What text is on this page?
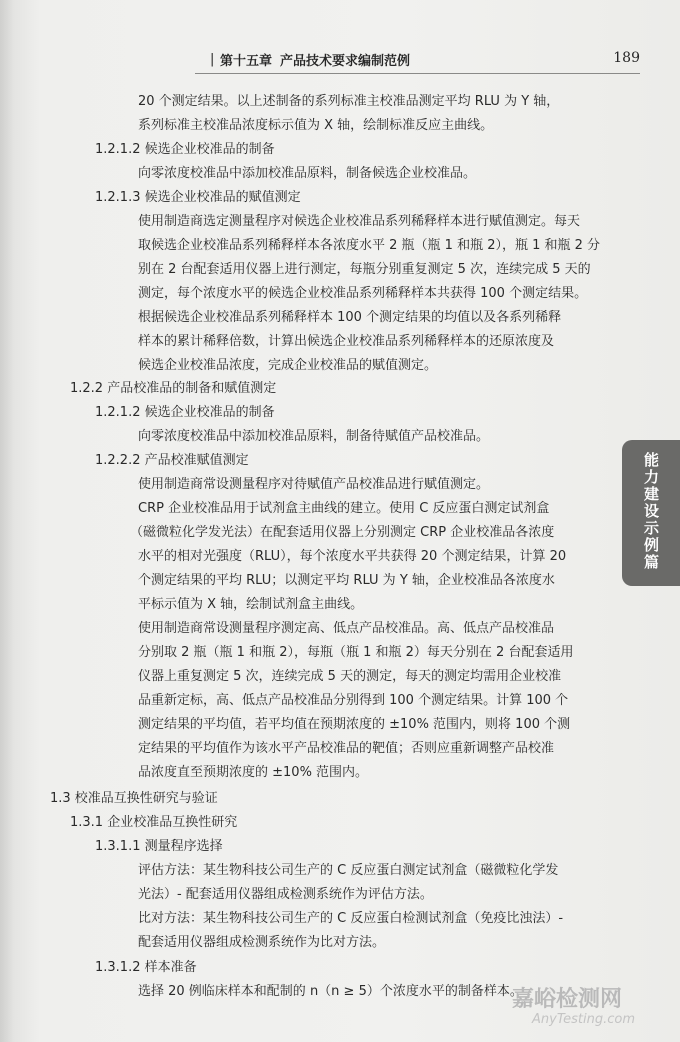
| 第十五章 产品技术要求编制范例	189
20 个测定结果。以上述制备的系列标准主校准品测定平均 RLU 为 Y 轴，
系列标准主校准品浓度标示值为 X 轴，绘制标准反应主曲线。
1.2.1.2 候选企业校准品的制备
向零浓度校准品中添加校准品原料，制备候选企业校准品。
1.2.1.3 候选企业校准品的赋值测定
使用制造商选定测量程序对候选企业校准品系列稀释样本进行赋值测定。每天
取候选企业校准品系列稀释样本各浓度水平 2 瓶（瓶 1 和瓶 2），瓶 1 和瓶 2 分
别在 2 台配套适用仪器上进行测定，每瓶分别重复测定 5 次，连续完成 5 天的
测定，每个浓度水平的候选企业校准品系列稀释样本共获得 100 个测定结果。
根据候选企业校准品系列稀释样本 100 个测定结果的均值以及各系列稀释
样本的累计稀释倍数，计算出候选企业校准品系列稀释样本的还原浓度及
候选企业校准品浓度，完成企业校准品的赋值测定。
1.2.2 产品校准品的制备和赋值测定
1.2.1.2 候选企业校准品的制备
向零浓度校准品中添加校准品原料，制备待赋值产品校准品。
1.2.2.2 产品校准赋值测定
使用制造商常设测量程序对待赋值产品校准品进行赋值测定。
CRP 企业校准品用于试剂盒主曲线的建立。使用 C 反应蛋白测定试剂盒
（磁微粒化学发光法）在配套适用仪器上分别测定 CRP 企业校准品各浓度
水平的相对光强度（RLU），每个浓度水平共获得 20 个测定结果，计算 20
个测定结果的平均 RLU；以测定平均 RLU 为 Y 轴，企业校准品各浓度水
平标示值为 X 轴，绘制试剂盒主曲线。
使用制造商常设测量程序测定高、低点产品校准品。高、低点产品校准品
分别取 2 瓶（瓶 1 和瓶 2），每瓶（瓶 1 和瓶 2）每天分别在 2 台配套适用
仪器上重复测定 5 次，连续完成 5 天的测定，每天的测定均需用企业校准
品重新定标，高、低点产品校准品分别得到 100 个测定结果。计算 100 个
测定结果的平均值，若平均值在预期浓度的 ±10% 范围内，则将 100 个测
定结果的平均值作为该水平产品校准品的靶值；否则应重新调整产品校准
品浓度直至预期浓度的 ±10% 范围内。
1.3 校准品互换性研究与验证
1.3.1 企业校准品互换性研究
1.3.1.1 测量程序选择
评估方法：某生物科技公司生产的 C 反应蛋白测定试剂盒（磁微粒化学发
光法）- 配套适用仪器组成检测系统作为评估方法。
比对方法：某生物科技公司生产的 C 反应蛋白检测试剂盒（免疫比浊法）-
配套适用仪器组成检测系统作为比对方法。
1.3.1.2 样本准备
选择 20 例临床样本和配制的 n（n ≥ 5）个浓度水平的制备样本。
能力建设示例篇
嘉峪检测网
AnyTesting.com
